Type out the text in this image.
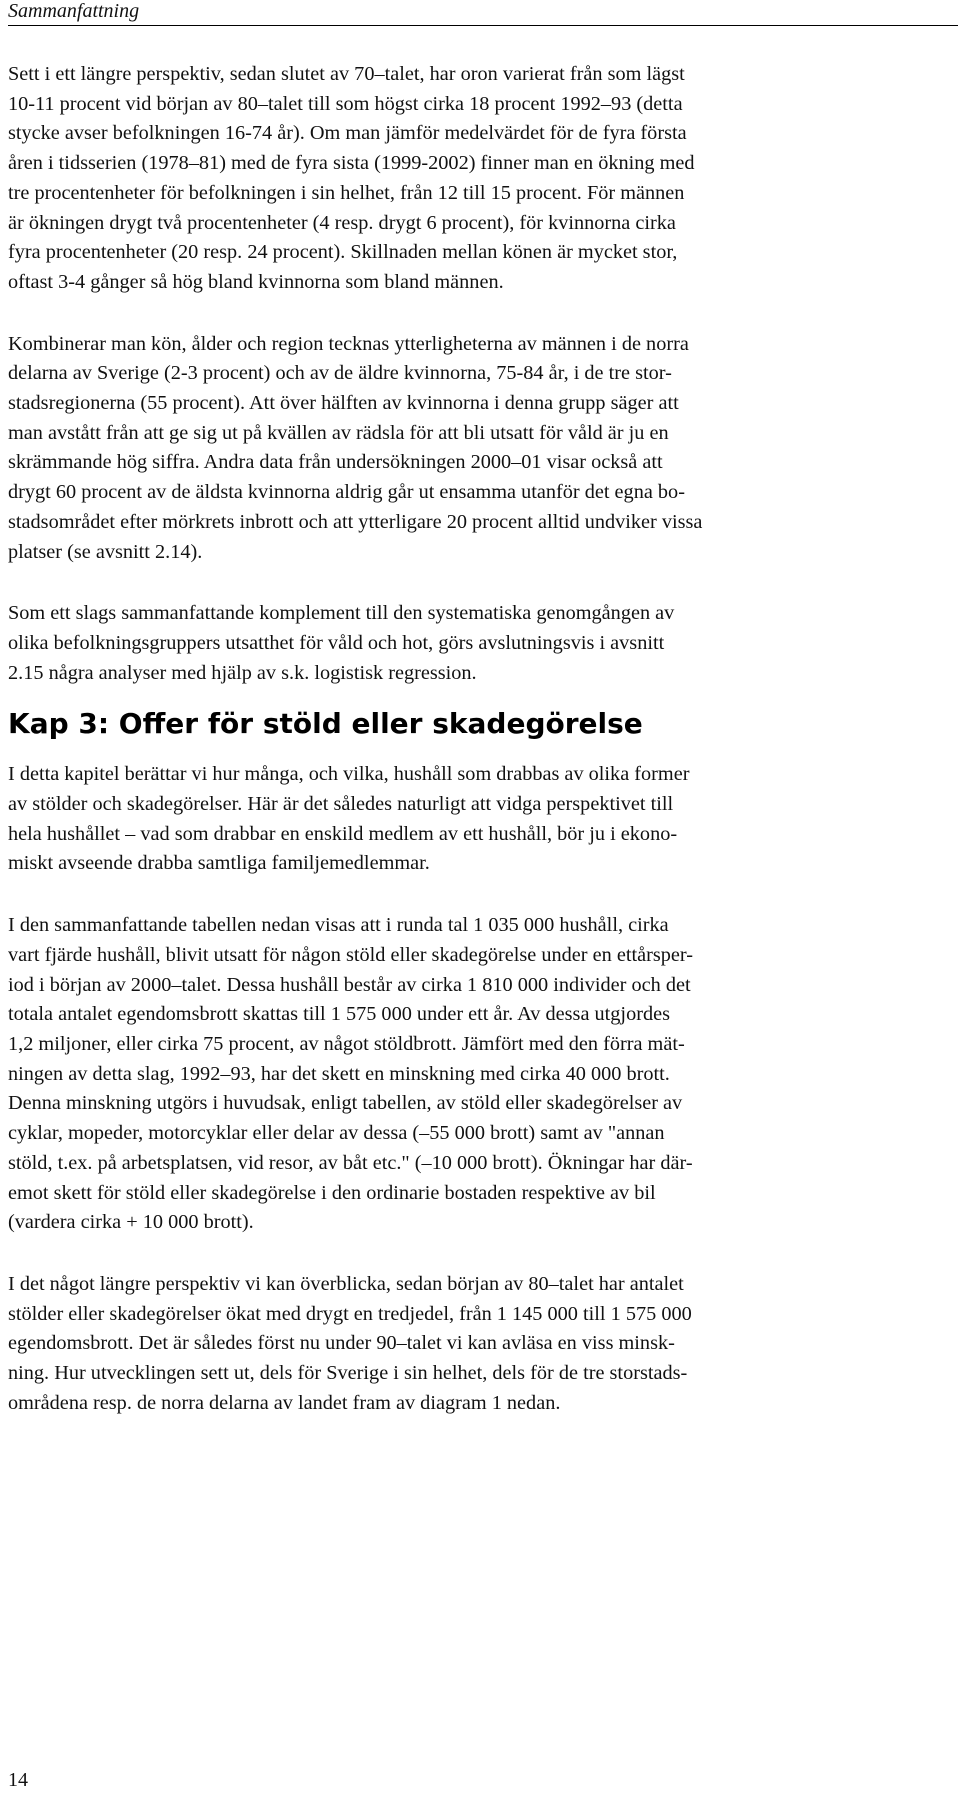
Sammanfattning

Sett i ett längre perspektiv, sedan slutet av 70–talet, har oron varierat från som lägst
10-11 procent vid början av 80–talet till som högst cirka 18 procent 1992–93 (detta
stycke avser befolkningen 16-74 år). Om man jämför medelvärdet för de fyra första
åren i tidsserien (1978–81) med de fyra sista (1999-2002) finner man en ökning med
tre procentenheter för befolkningen i sin helhet, från 12 till 15 procent. För männen
är ökningen drygt två procentenheter (4 resp. drygt 6 procent), för kvinnorna cirka
fyra procentenheter (20 resp. 24 procent). Skillnaden mellan könen är mycket stor,
oftast 3-4 gånger så hög bland kvinnorna som bland männen.

Kombinerar man kön, ålder och region tecknas ytterligheterna av männen i de norra
delarna av Sverige (2-3 procent) och av de äldre kvinnorna, 75-84 år, i de tre stor-
stadsregionerna (55 procent). Att över hälften av kvinnorna i denna grupp säger att
man avstått från att ge sig ut på kvällen av rädsla för att bli utsatt för våld är ju en
skrämmande hög siffra. Andra data från undersökningen 2000–01 visar också att
drygt 60 procent av de äldsta kvinnorna aldrig går ut ensamma utanför det egna bo-
stadsområdet efter mörkrets inbrott och att ytterligare 20 procent alltid undviker vissa
platser (se avsnitt 2.14).

Som ett slags sammanfattande komplement till den systematiska genomgången av
olika befolkningsgruppers utsatthet för våld och hot, görs avslutningsvis i avsnitt
2.15 några analyser med hjälp av s.k. logistisk regression.

Kap 3: Offer för stöld eller skadegörelse

I detta kapitel berättar vi hur många, och vilka, hushåll som drabbas av olika former
av stölder och skadegörelser. Här är det således naturligt att vidga perspektivet till
hela hushållet – vad som drabbar en enskild medlem av ett hushåll, bör ju i ekono-
miskt avseende drabba samtliga familjemedlemmar.

I den sammanfattande tabellen nedan visas att i runda tal 1 035 000 hushåll, cirka
vart fjärde hushåll, blivit utsatt för någon stöld eller skadegörelse under en ettårsper-
iod i början av 2000–talet. Dessa hushåll består av cirka 1 810 000 individer och det
totala antalet egendomsbrott skattas till 1 575 000 under ett år. Av dessa utgjordes
1,2 miljoner, eller cirka 75 procent, av något stöldbrott. Jämfört med den förra mät-
ningen av detta slag, 1992–93, har det skett en minskning med cirka 40 000 brott.
Denna minskning utgörs i huvudsak, enligt tabellen, av stöld eller skadegörelser av
cyklar, mopeder, motorcyklar eller delar av dessa (–55 000 brott) samt av "annan
stöld, t.ex. på arbetsplatsen, vid resor, av båt etc." (–10 000 brott). Ökningar har där-
emot skett för stöld eller skadegörelse i den ordinarie bostaden respektive av bil
(vardera cirka + 10 000 brott).

I det något längre perspektiv vi kan överblicka, sedan början av 80–talet har antalet
stölder eller skadegörelser ökat med drygt en tredjedel, från 1 145 000 till 1 575 000
egendomsbrott. Det är således först nu under 90–talet vi kan avläsa en viss minsk-
ning. Hur utvecklingen sett ut, dels för Sverige i sin helhet, dels för de tre storstads-
områdena resp. de norra delarna av landet fram av diagram 1 nedan.

14
